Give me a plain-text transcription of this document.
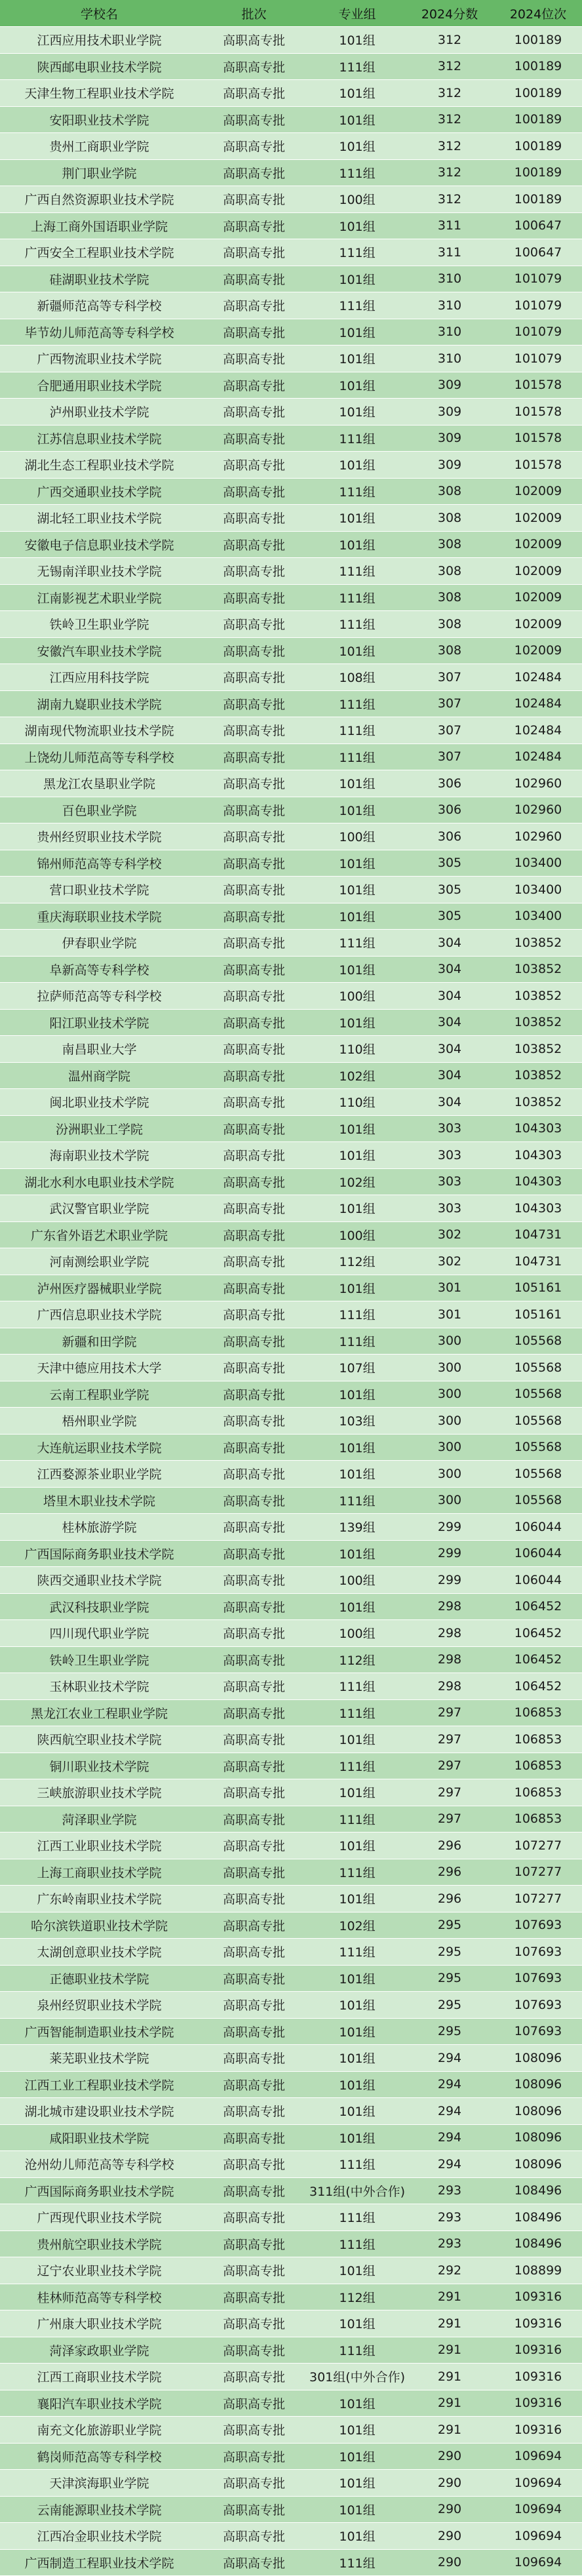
学校名	批次	专业组	2024分数	2024位次
江西应用技术职业学院	高职高专批	101组	312	100189
陕西邮电职业技术学院	高职高专批	111组	312	100189
天津生物工程职业技术学院	高职高专批	101组	312	100189
安阳职业技术学院	高职高专批	101组	312	100189
贵州工商职业学院	高职高专批	101组	312	100189
荆门职业学院	高职高专批	111组	312	100189
广西自然资源职业技术学院	高职高专批	100组	312	100189
上海工商外国语职业学院	高职高专批	101组	311	100647
广西安全工程职业技术学院	高职高专批	111组	311	100647
硅湖职业技术学院	高职高专批	101组	310	101079
新疆师范高等专科学校	高职高专批	111组	310	101079
毕节幼儿师范高等专科学校	高职高专批	101组	310	101079
广西物流职业技术学院	高职高专批	101组	310	101079
合肥通用职业技术学院	高职高专批	101组	309	101578
泸州职业技术学院	高职高专批	101组	309	101578
江苏信息职业技术学院	高职高专批	111组	309	101578
湖北生态工程职业技术学院	高职高专批	101组	309	101578
广西交通职业技术学院	高职高专批	111组	308	102009
湖北轻工职业技术学院	高职高专批	101组	308	102009
安徽电子信息职业技术学院	高职高专批	101组	308	102009
无锡南洋职业技术学院	高职高专批	111组	308	102009
江南影视艺术职业学院	高职高专批	111组	308	102009
铁岭卫生职业学院	高职高专批	111组	308	102009
安徽汽车职业技术学院	高职高专批	101组	308	102009
江西应用科技学院	高职高专批	108组	307	102484
湖南九嶷职业技术学院	高职高专批	111组	307	102484
湖南现代物流职业技术学院	高职高专批	111组	307	102484
上饶幼儿师范高等专科学校	高职高专批	111组	307	102484
黑龙江农垦职业学院	高职高专批	101组	306	102960
百色职业学院	高职高专批	101组	306	102960
贵州经贸职业技术学院	高职高专批	100组	306	102960
锦州师范高等专科学校	高职高专批	101组	305	103400
营口职业技术学院	高职高专批	101组	305	103400
重庆海联职业技术学院	高职高专批	101组	305	103400
伊春职业学院	高职高专批	111组	304	103852
阜新高等专科学校	高职高专批	101组	304	103852
拉萨师范高等专科学校	高职高专批	100组	304	103852
阳江职业技术学院	高职高专批	101组	304	103852
南昌职业大学	高职高专批	110组	304	103852
温州商学院	高职高专批	102组	304	103852
闽北职业技术学院	高职高专批	110组	304	103852
汾洲职业工学院	高职高专批	101组	303	104303
海南职业技术学院	高职高专批	101组	303	104303
湖北水利水电职业技术学院	高职高专批	102组	303	104303
武汉警官职业学院	高职高专批	101组	303	104303
广东省外语艺术职业学院	高职高专批	100组	302	104731
河南测绘职业学院	高职高专批	112组	302	104731
泸州医疗器械职业学院	高职高专批	101组	301	105161
广西信息职业技术学院	高职高专批	111组	301	105161
新疆和田学院	高职高专批	111组	300	105568
天津中德应用技术大学	高职高专批	107组	300	105568
云南工程职业学院	高职高专批	101组	300	105568
梧州职业学院	高职高专批	103组	300	105568
大连航运职业技术学院	高职高专批	101组	300	105568
江西婺源茶业职业学院	高职高专批	101组	300	105568
塔里木职业技术学院	高职高专批	111组	300	105568
桂林旅游学院	高职高专批	139组	299	106044
广西国际商务职业技术学院	高职高专批	101组	299	106044
陕西交通职业技术学院	高职高专批	100组	299	106044
武汉科技职业学院	高职高专批	101组	298	106452
四川现代职业学院	高职高专批	100组	298	106452
铁岭卫生职业学院	高职高专批	112组	298	106452
玉林职业技术学院	高职高专批	111组	298	106452
黑龙江农业工程职业学院	高职高专批	111组	297	106853
陕西航空职业技术学院	高职高专批	101组	297	106853
铜川职业技术学院	高职高专批	111组	297	106853
三峡旅游职业技术学院	高职高专批	101组	297	106853
菏泽职业学院	高职高专批	111组	297	106853
江西工业职业技术学院	高职高专批	101组	296	107277
上海工商职业技术学院	高职高专批	111组	296	107277
广东岭南职业技术学院	高职高专批	101组	296	107277
哈尔滨铁道职业技术学院	高职高专批	102组	295	107693
太湖创意职业技术学院	高职高专批	111组	295	107693
正德职业技术学院	高职高专批	101组	295	107693
泉州经贸职业技术学院	高职高专批	101组	295	107693
广西智能制造职业技术学院	高职高专批	101组	295	107693
莱芜职业技术学院	高职高专批	101组	294	108096
江西工业工程职业技术学院	高职高专批	101组	294	108096
湖北城市建设职业技术学院	高职高专批	101组	294	108096
咸阳职业技术学院	高职高专批	101组	294	108096
沧州幼儿师范高等专科学校	高职高专批	111组	294	108096
广西国际商务职业技术学院	高职高专批	311组(中外合作)	293	108496
广西现代职业技术学院	高职高专批	111组	293	108496
贵州航空职业技术学院	高职高专批	111组	293	108496
辽宁农业职业技术学院	高职高专批	101组	292	108899
桂林师范高等专科学校	高职高专批	112组	291	109316
广州康大职业技术学院	高职高专批	101组	291	109316
菏泽家政职业学院	高职高专批	111组	291	109316
江西工商职业技术学院	高职高专批	301组(中外合作)	291	109316
襄阳汽车职业技术学院	高职高专批	101组	291	109316
南充文化旅游职业学院	高职高专批	101组	291	109316
鹤岗师范高等专科学校	高职高专批	101组	290	109694
天津滨海职业学院	高职高专批	101组	290	109694
云南能源职业技术学院	高职高专批	101组	290	109694
江西冶金职业技术学院	高职高专批	101组	290	109694
广西制造工程职业技术学院	高职高专批	111组	290	109694
